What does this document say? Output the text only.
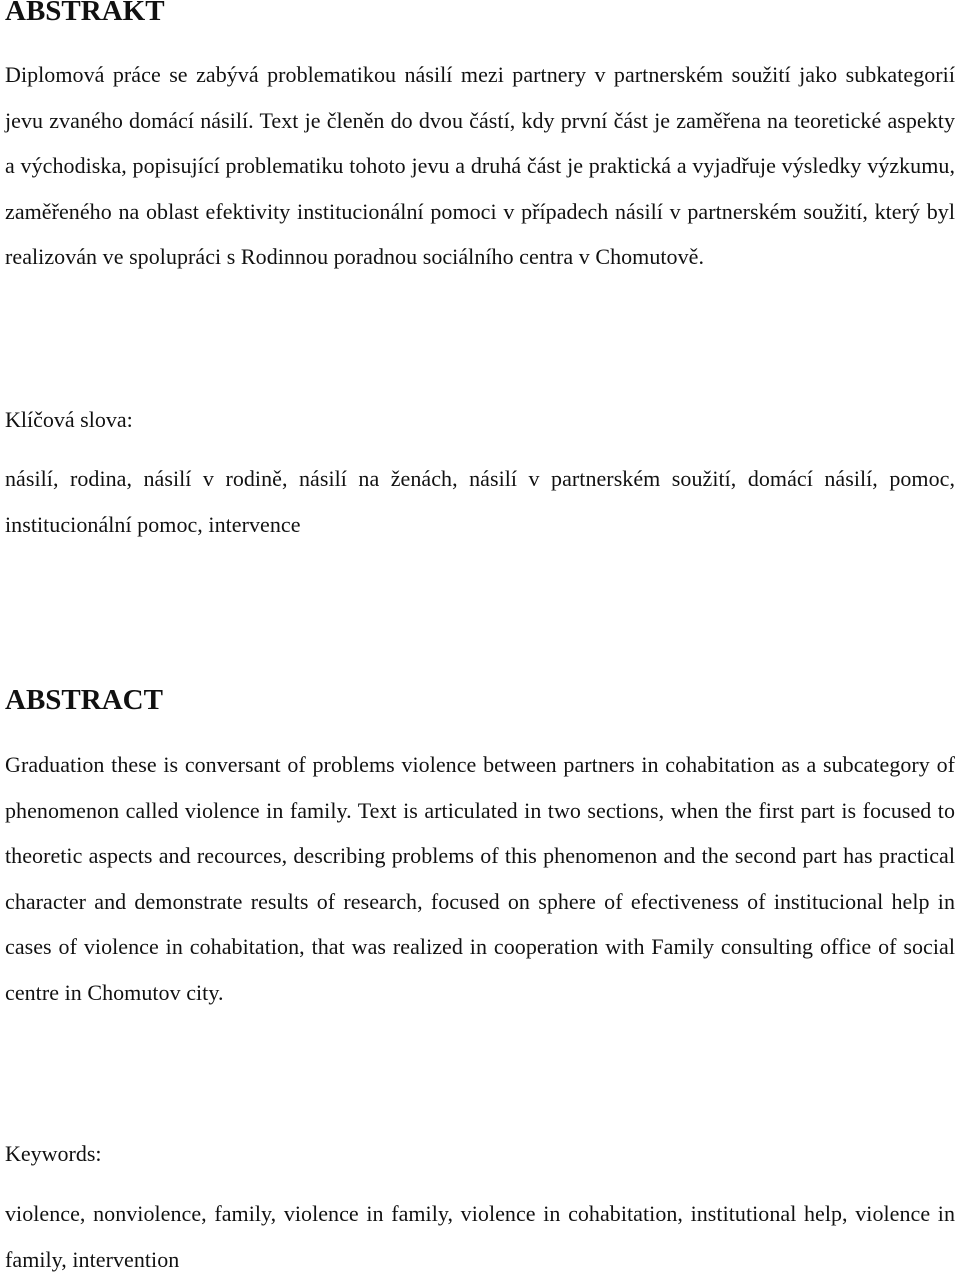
ABSTRAKT

Diplomová práce se zabývá problematikou násilí mezi partnery v partnerském soužití jako subkategorií jevu zvaného domácí násilí. Text je členěn do dvou částí, kdy první část je zaměřena na teoretické aspekty a východiska, popisující problematiku tohoto jevu a druhá část je praktická a vyjadřuje výsledky výzkumu, zaměřeného na oblast efektivity institucionální pomoci v případech násilí v partnerském soužití, který byl realizován ve spolupráci s Rodinnou poradnou sociálního centra v Chomutově.

Klíčová slova:

násilí, rodina, násilí v rodině, násilí na ženách, násilí v partnerském soužití, domácí násilí, pomoc, institucionální pomoc, intervence

ABSTRACT

Graduation these is conversant of problems violence between partners in cohabitation as a subcategory of phenomenon called violence in family. Text is articulated in two sections, when the first part is focused to theoretic aspects and recources, describing problems of this phenomenon and the second part has practical character and demonstrate results of research, focused on sphere of efectiveness of institucional help in cases of violence in cohabitation, that was realized in cooperation with Family consulting office of social centre in Chomutov city.

Keywords:

violence, nonviolence, family, violence in family, violence in cohabitation, institutional help, violence in family, intervention
